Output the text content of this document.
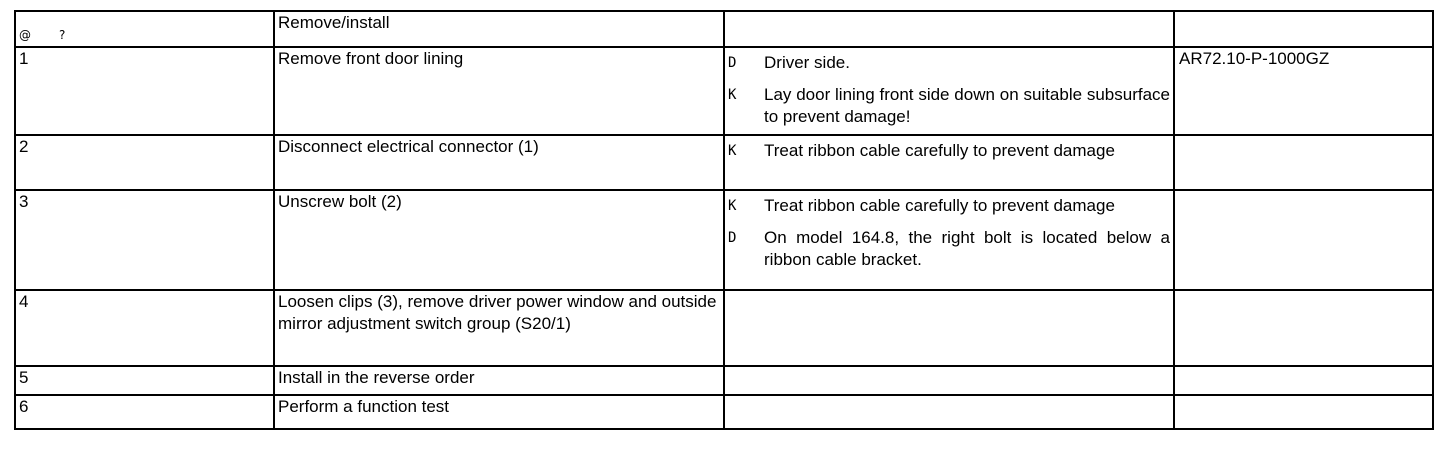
@ ?	Remove/install		
1	Remove front door lining	D Driver side.
K Lay door lining front side down on suitable subsurface to prevent damage!	AR72.10-P-1000GZ
2	Disconnect electrical connector (1)	K Treat ribbon cable carefully to prevent damage	

3	Unscrew bolt (2)	K Treat ribbon cable carefully to prevent damage
D On model 164.8, the right bolt is located below a ribbon cable bracket.	

4	Loosen clips (3), remove driver power window and outside mirror adjustment switch group (S20/1)		
5	Install in the reverse order		
6	Perform a function test		
